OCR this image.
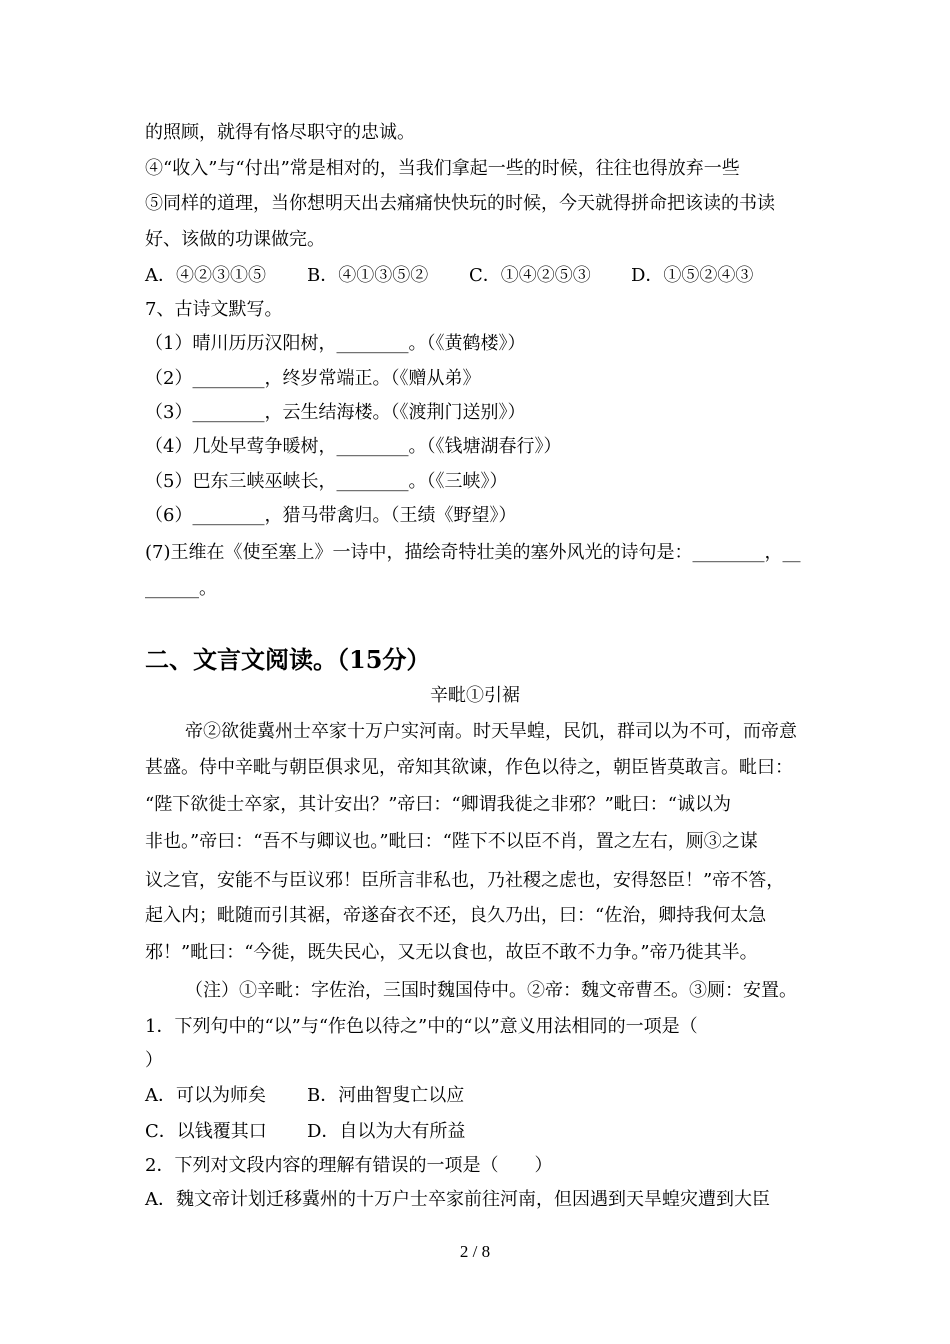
的照顾，就得有恪尽职守的忠诚。
④“收入”与“付出”常是相对的，当我们拿起一些的时候，往往也得放弃一些
⑤同样的道理，当你想明天出去痛痛快快玩的时候，今天就得拼命把该读的书读
好、该做的功课做完。
A．④②③①⑤ B．④①③⑤② C．①④②⑤③ D．①⑤②④③
7、古诗文默写。
（1）晴川历历汉阳树，________。（《黄鹤楼》）
（2）________，终岁常端正。（《赠从弟》
（3）________，云生结海楼。（《渡荆门送别》）
（4）几处早莺争暖树，________。（《钱塘湖春行》）
（5）巴东三峡巫峡长，________。（《三峡》）
（6）________，猎马带禽归。（王绩《野望》）
(7)王维在《使至塞上》一诗中，描绘奇特壮美的塞外风光的诗句是：________，__
______。
二、文言文阅读。（15分）
辛毗①引裾
帝②欲徙冀州士卒家十万户实河南。时天旱蝗，民饥，群司以为不可，而帝意
甚盛。侍中辛毗与朝臣俱求见，帝知其欲谏，作色以待之，朝臣皆莫敢言。毗曰：
“陛下欲徙士卒家，其计安出？”帝曰：“卿谓我徙之非邪？”毗曰：“诚以为
非也。”帝曰：“吾不与卿议也。”毗曰：“陛下不以臣不肖，置之左右，厕③之谋
议之官，安能不与臣议邪！臣所言非私也，乃社稷之虑也，安得怒臣！”帝不答，
起入内；毗随而引其裾，帝遂奋衣不还，良久乃出，曰：“佐治，卿持我何太急
邪！”毗曰：“今徙，既失民心，又无以食也，故臣不敢不力争。”帝乃徙其半。
（注）①辛毗：字佐治，三国时魏国侍中。②帝：魏文帝曹丕。③厕：安置。
1．下列句中的“以”与“作色以待之”中的“以”意义用法相同的一项是（
）
A．可以为师矣 B．河曲智叟亡以应
C．以钱覆其口 D．自以为大有所益
2．下列对文段内容的理解有错误的一项是（　　）
A．魏文帝计划迁移冀州的十万户士卒家前往河南，但因遇到天旱蝗灾遭到大臣
2 / 8
